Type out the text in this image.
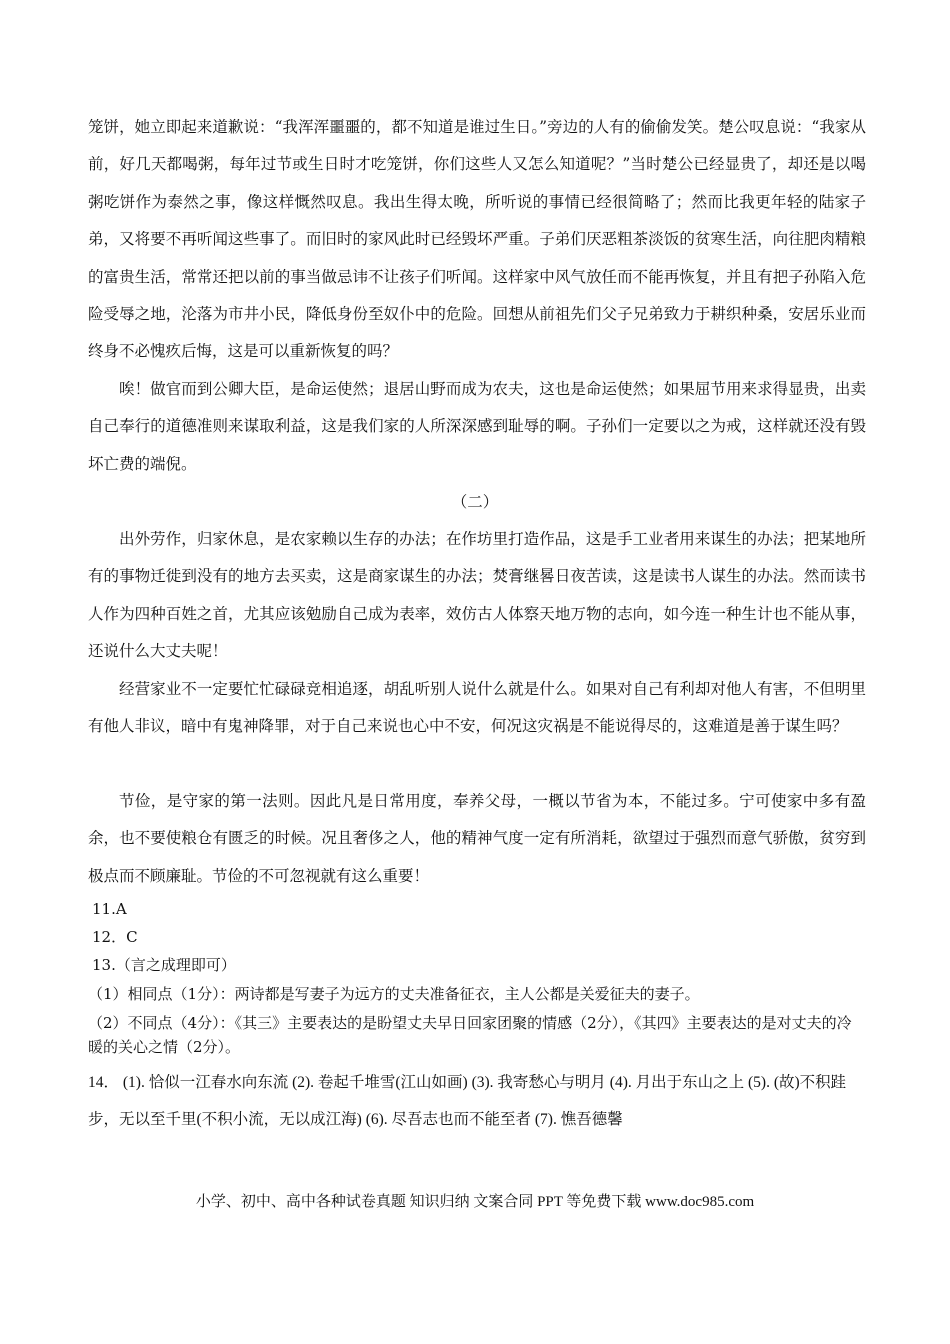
笼饼，她立即起来道歉说：“我浑浑噩噩的，都不知道是谁过生日。”旁边的人有的偷偷发笑。楚公叹息说：“我家从前，好几天都喝粥，每年过节或生日时才吃笼饼，你们这些人又怎么知道呢？”当时楚公已经显贵了，却还是以喝粥吃饼作为泰然之事，像这样慨然叹息。我出生得太晚，所听说的事情已经很简略了；然而比我更年轻的陆家子弟，又将要不再听闻这些事了。而旧时的家风此时已经毁坏严重。子弟们厌恶粗茶淡饭的贫寒生活，向往肥肉精粮的富贵生活，常常还把以前的事当做忌讳不让孩子们听闻。这样家中风气放任而不能再恢复，并且有把子孙陷入危险受辱之地，沦落为市井小民，降低身份至奴仆中的危险。回想从前祖先们父子兄弟致力于耕织种桑，安居乐业而终身不必愧疚后悔，这是可以重新恢复的吗？

唉！做官而到公卿大臣，是命运使然；退居山野而成为农夫，这也是命运使然；如果屈节用来求得显贵，出卖自己奉行的道德准则来谋取利益，这是我们家的人所深深感到耻辱的啊。子孙们一定要以之为戒，这样就还没有毁坏亡费的端倪。

（二）

出外劳作，归家休息，是农家赖以生存的办法；在作坊里打造作品，这是手工业者用来谋生的办法；把某地所有的事物迁徙到没有的地方去买卖，这是商家谋生的办法；焚膏继晷日夜苦读，这是读书人谋生的办法。然而读书人作为四种百姓之首，尤其应该勉励自己成为表率，效仿古人体察天地万物的志向，如今连一种生计也不能从事，还说什么大丈夫呢！

经营家业不一定要忙忙碌碌竞相追逐，胡乱听别人说什么就是什么。如果对自己有利却对他人有害，不但明里有他人非议，暗中有鬼神降罪，对于自己来说也心中不安，何况这灾祸是不能说得尽的，这难道是善于谋生吗？

节俭，是守家的第一法则。因此凡是日常用度，奉养父母，一概以节省为本，不能过多。宁可使家中多有盈余，也不要使粮仓有匮乏的时候。况且奢侈之人，他的精神气度一定有所消耗，欲望过于强烈而意气骄傲，贫穷到极点而不顾廉耻。节俭的不可忽视就有这么重要！

11.A

12．C

13.（言之成理即可）

（1）相同点（1分）：两诗都是写妻子为远方的丈夫准备征衣，主人公都是关爱征夫的妻子。

（2）不同点（4分）：《其三》主要表达的是盼望丈夫早日回家团聚的情感（2分），《其四》主要表达的是对丈夫的冷暖的关心之情（2分）。

14． (1). 恰似一江春水向东流 (2). 卷起千堆雪(江山如画) (3). 我寄愁心与明月 (4). 月出于东山之上 (5). (故)不积跬步，无以至千里(不积小流，无以成江海) (6). 尽吾志也而不能至者 (7). 憔吾德馨

小学、初中、高中各种试卷真题 知识归纳 文案合同 PPT 等免费下载 www.doc985.com
